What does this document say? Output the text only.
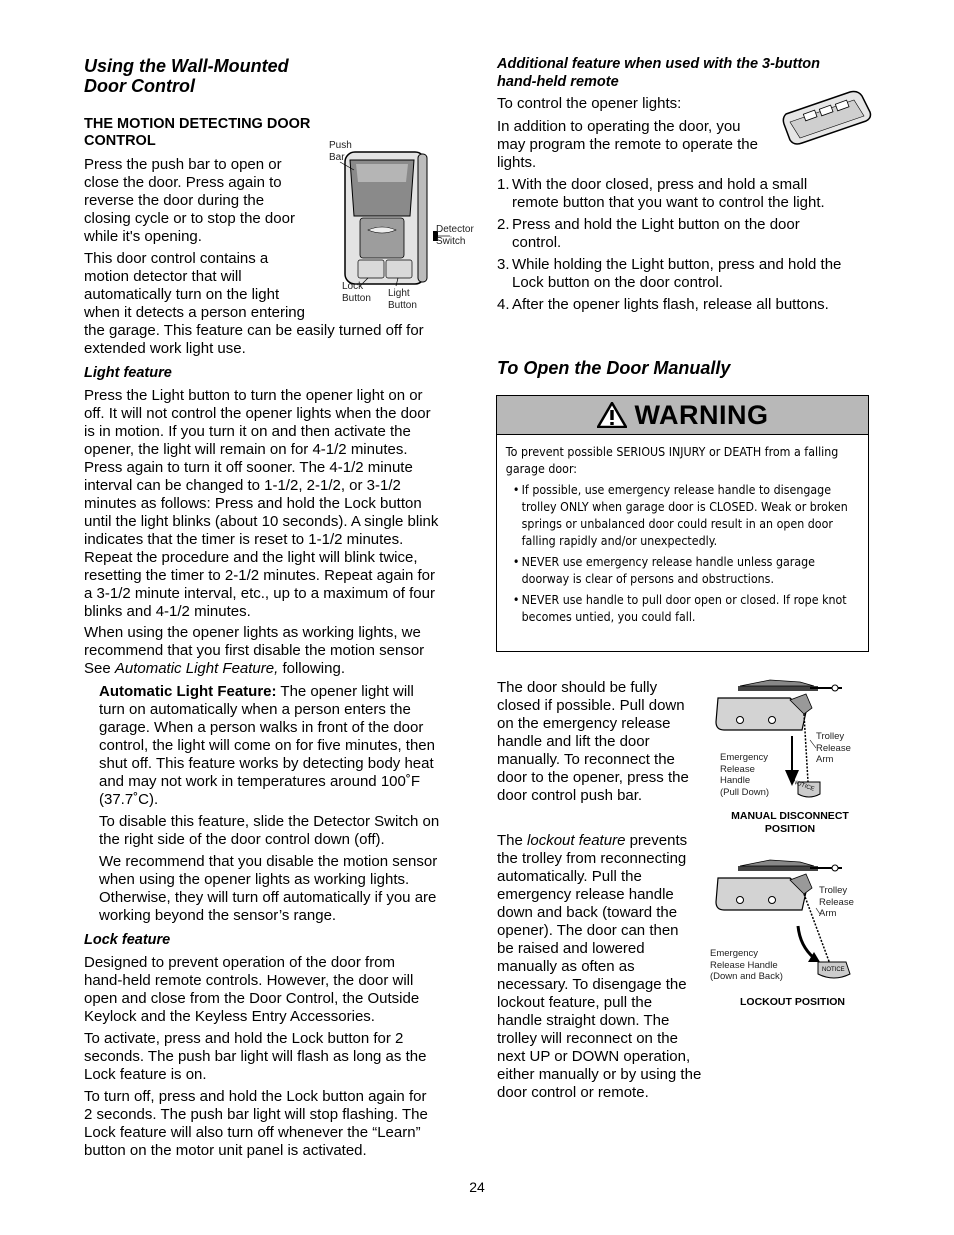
Using the Wall-Mounted
Door Control
THE MOTION DETECTING DOOR
CONTROL
Press the push bar to open or
close the door. Press again to
reverse the door during the
closing cycle or to stop the door
while it's opening.
This door control contains a
motion detector that will
automatically turn on the light
when it detects a person entering
the garage. This feature can be easily turned off for
extended work light use.
Push
Bar
Detector
Switch
Lock
Button Light
Button
Light feature
Press the Light button to turn the opener light on or
off. It will not control the opener lights when the door
is in motion. If you turn it on and then activate the
opener, the light will remain on for 4-1/2 minutes.
Press again to turn it off sooner. The 4-1/2 minute
interval can be changed to 1-1/2, 2-1/2, or 3-1/2
minutes as follows: Press and hold the Lock button
until the light blinks (about 10 seconds). A single blink
indicates that the timer is reset to 1-1/2 minutes.
Repeat the procedure and the light will blink twice,
resetting the timer to 2-1/2 minutes. Repeat again for
a 3-1/2 minute interval, etc., up to a maximum of four
blinks and 4-1/2 minutes.
When using the opener lights as working lights, we
recommend that you first disable the motion sensor
See Automatic Light Feature, following.
Automatic Light Feature: The opener light will
turn on automatically when a person enters the
garage. When a person walks in front of the door
control, the light will come on for five minutes, then
shut off. This feature works by detecting body heat
and may not work in temperatures around 100˚F
(37.7˚C).
To disable this feature, slide the Detector Switch on
the right side of the door control down (off).
We recommend that you disable the motion sensor
when using the opener lights as working lights.
Otherwise, they will turn off automatically if you are
working beyond the sensor’s range.
Lock feature
Designed to prevent operation of the door from
hand-held remote controls. However, the door will
open and close from the Door Control, the Outside
Keylock and the Keyless Entry Accessories.
To activate, press and hold the Lock button for 2
seconds. The push bar light will flash as long as the
Lock feature is on.
To turn off, press and hold the Lock button again for
2 seconds. The push bar light will stop flashing. The
Lock feature will also turn off whenever the “Learn”
button on the motor unit panel is activated.
Additional feature when used with the 3-button
hand-held remote
To control the opener lights:
In addition to operating the door, you
may program the remote to operate the
lights.
1. With the door closed, press and hold a small
remote button that you want to control the light.
2. Press and hold the Light button on the door
control.
3. While holding the Light button, press and hold the
Lock button on the door control.
4. After the opener lights flash, release all buttons.
To Open the Door Manually
WARNING
To prevent possible SERIOUS INJURY or DEATH from a falling garage door:
• If possible, use emergency release handle to disengage trolley ONLY when garage door is CLOSED. Weak or broken springs or unbalanced door could result in an open door falling rapidly and/or unexpectedly.
• NEVER use emergency release handle unless garage doorway is clear of persons and obstructions.
• NEVER use handle to pull door open or closed. If rope knot becomes untied, you could fall.
The door should be fully
closed if possible. Pull down
on the emergency release
handle and lift the door
manually. To reconnect the
door to the opener, press the
door control push bar.
The lockout feature prevents
the trolley from reconnecting
automatically. Pull the
emergency release handle
down and back (toward the
opener). The door can then
be raised and lowered
manually as often as
necessary. To disengage the
lockout feature, pull the
handle straight down. The
trolley will reconnect on the
next UP or DOWN operation,
either manually or by using the
door control or remote.
Trolley
Release
Arm
Emergency
Release
Handle
(Pull Down)	NOTICE
MANUAL DISCONNECT
POSITION
Trolley
Release
Arm
Emergency
Release Handle
(Down and Back)
NOTICE
LOCKOUT POSITION
24
